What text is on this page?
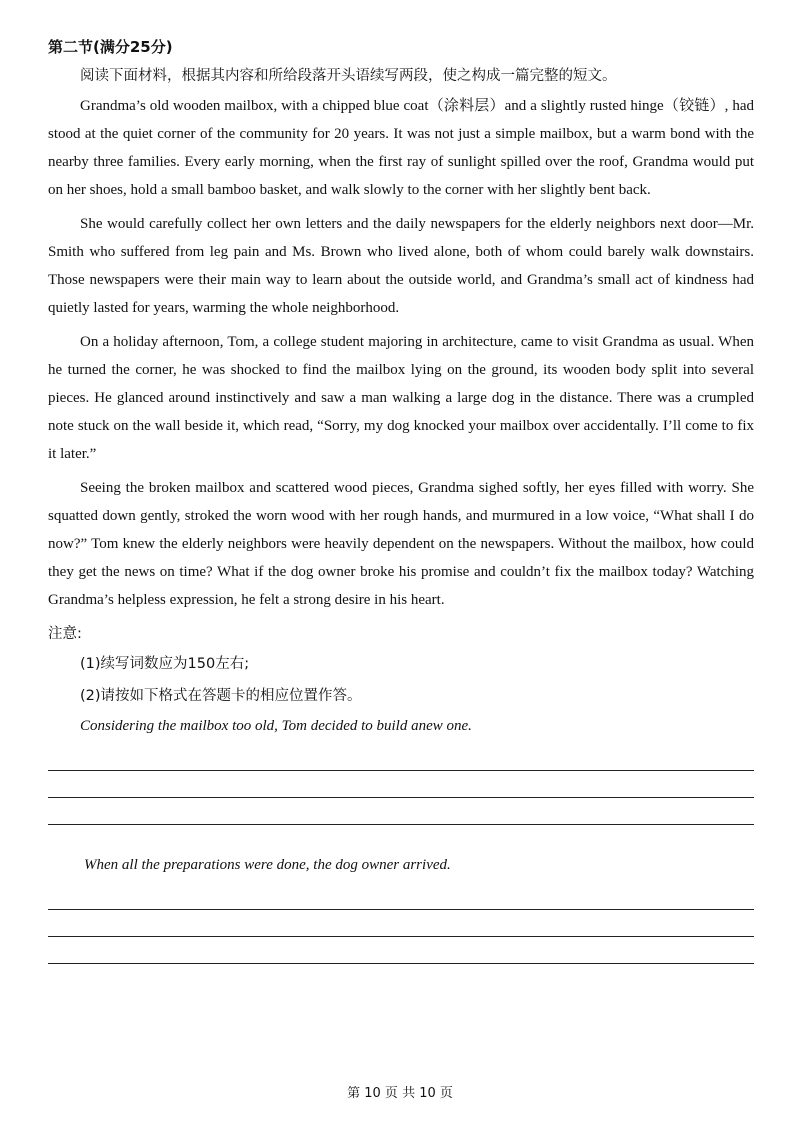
第二节(满分25分)

阅读下面材料，根据其内容和所给段落开头语续写两段，使之构成一篇完整的短文。

Grandma’s old wooden mailbox, with a chipped blue coat（涂料层）and a slightly rusted hinge（铰链）, had stood at the quiet corner of the community for 20 years. It was not just a simple mailbox, but a warm bond with the nearby three families. Every early morning, when the first ray of sunlight spilled over the roof, Grandma would put on her shoes, hold a small bamboo basket, and walk slowly to the corner with her slightly bent back.

She would carefully collect her own letters and the daily newspapers for the elderly neighbors next door—Mr. Smith who suffered from leg pain and Ms. Brown who lived alone, both of whom could barely walk downstairs. Those newspapers were their main way to learn about the outside world, and Grandma’s small act of kindness had quietly lasted for years, warming the whole neighborhood.

On a holiday afternoon, Tom, a college student majoring in architecture, came to visit Grandma as usual. When he turned the corner, he was shocked to find the mailbox lying on the ground, its wooden body split into several pieces. He glanced around instinctively and saw a man walking a large dog in the distance. There was a crumpled note stuck on the wall beside it, which read, “Sorry, my dog knocked your mailbox over accidentally. I’ll come to fix it later.”

Seeing the broken mailbox and scattered wood pieces, Grandma sighed softly, her eyes filled with worry. She squatted down gently, stroked the worn wood with her rough hands, and murmured in a low voice, “What shall I do now?” Tom knew the elderly neighbors were heavily dependent on the newspapers. Without the mailbox, how could they get the news on time? What if the dog owner broke his promise and couldn’t fix the mailbox today? Watching Grandma’s helpless expression, he felt a strong desire in his heart.

注意:

(1)续写词数应为150左右;

(2)请按如下格式在答题卡的相应位置作答。

Considering the mailbox too old, Tom decided to build anew one.

When all the preparations were done, the dog owner arrived.

第 10 页 共 10 页
